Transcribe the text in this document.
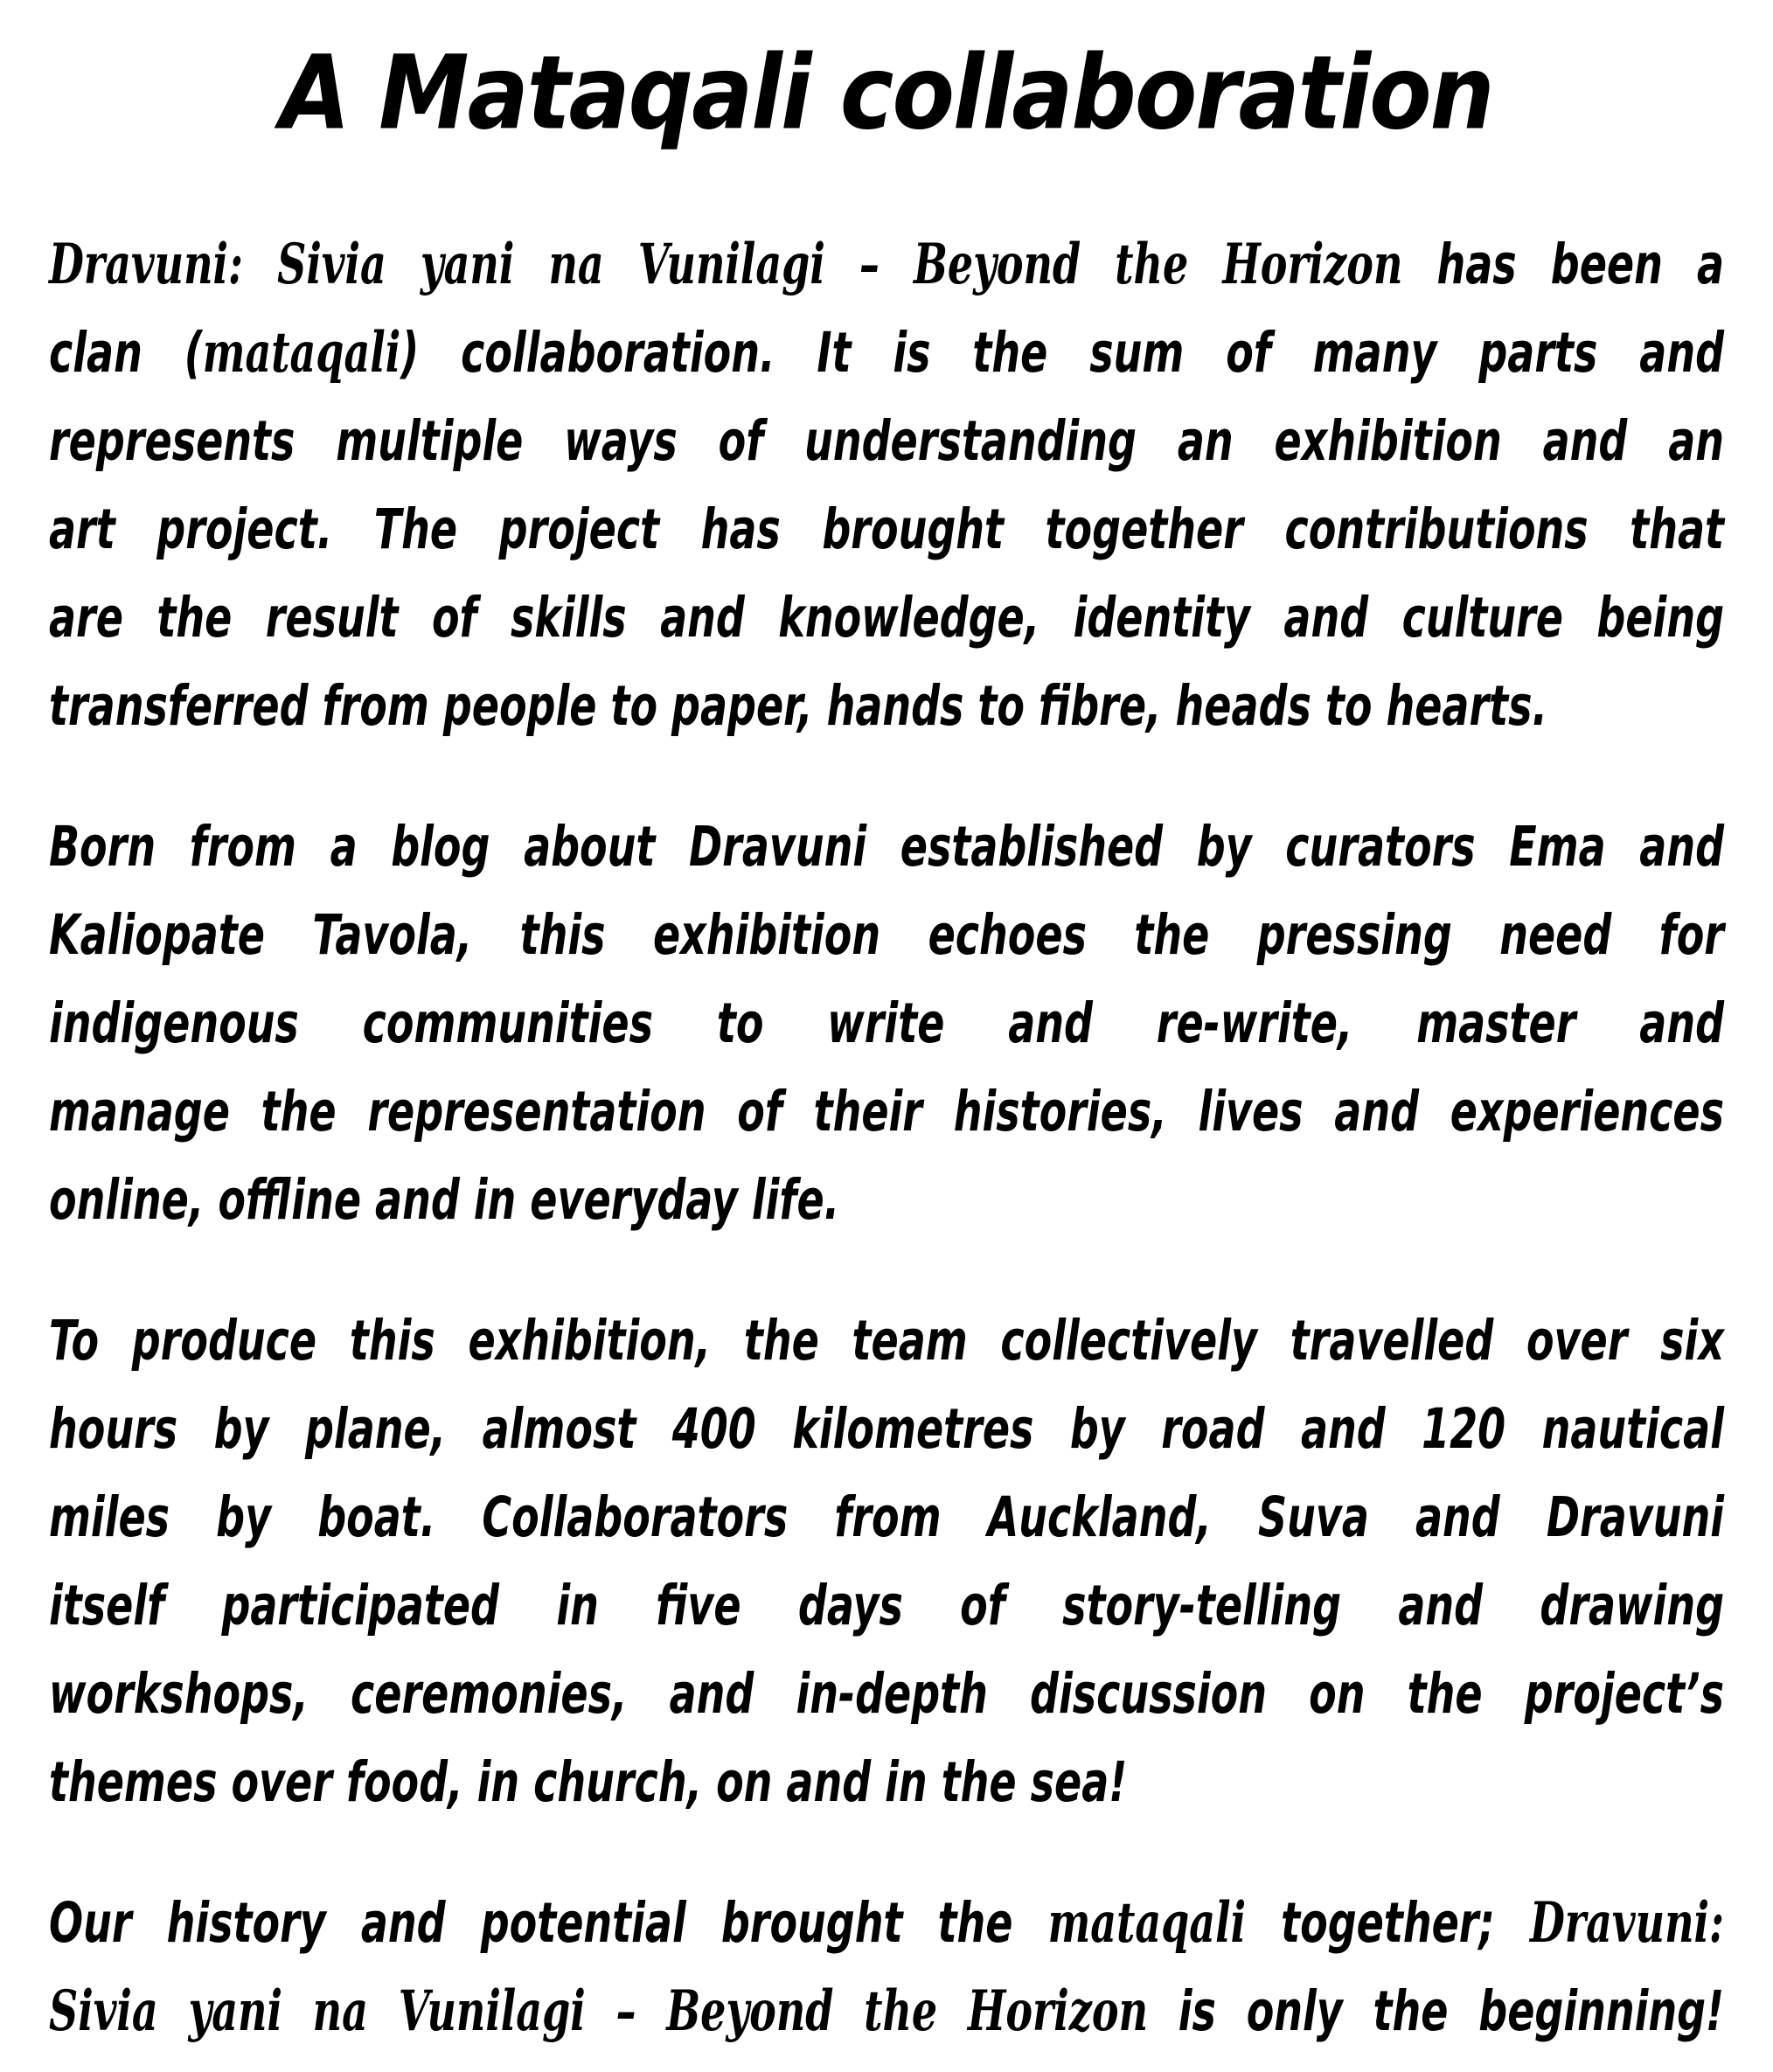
A Mataqali collaboration
Dravuni: Sivia yani na Vunilagi – Beyond the Horizon has been a
clan (mataqali) collaboration. It is the sum of many parts and
represents multiple ways of understanding an exhibition and an
art project. The project has brought together contributions that
are the result of skills and knowledge, identity and culture being
transferred from people to paper, hands to fibre, heads to hearts.
Born from a blog about Dravuni established by curators Ema and
Kaliopate Tavola, this exhibition echoes the pressing need for
indigenous communities to write and re-write, master and
manage the representation of their histories, lives and experiences
online, offline and in everyday life.
To produce this exhibition, the team collectively travelled over six
hours by plane, almost 400 kilometres by road and 120 nautical
miles by boat. Collaborators from Auckland, Suva and Dravuni
itself participated in five days of story-telling and drawing
workshops, ceremonies, and in-depth discussion on the project’s
themes over food, in church, on and in the sea!
Our history and potential brought the mataqali together; Dravuni:
Sivia yani na Vunilagi – Beyond the Horizon is only the beginning!
